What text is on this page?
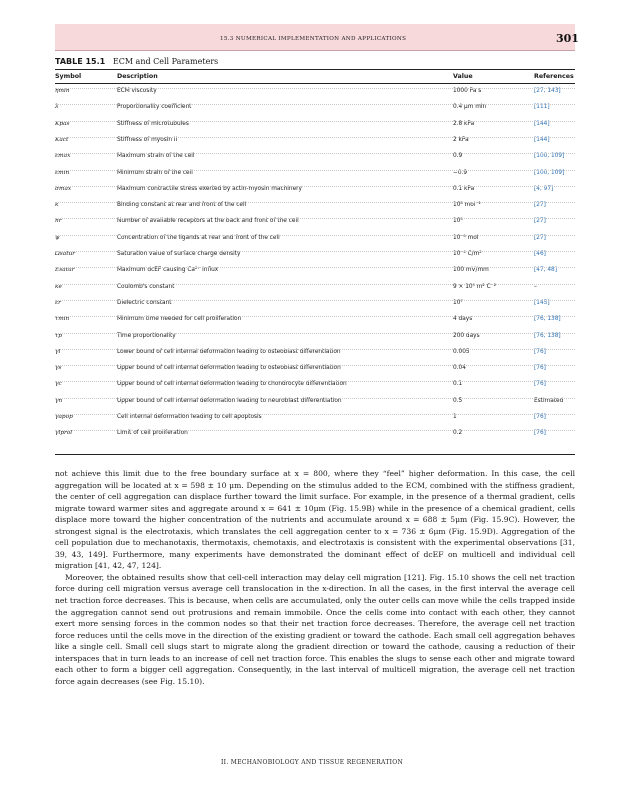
15.3 NUMERICAL IMPLEMENTATION AND APPLICATIONS	301
TABLE 15.1 ECM and Cell Parameters
Symbol	Description	Value	References
ηmin	ECM viscosity	1000 Pa s	[27, 143]
λ	Proportionality coefficient	0.4 μm min	[111]
Kpas	Stiffness of microtubules	2.8 kPa	[144]
Kact	Stiffness of myosin II	2 kPa	[144]
εmax	Maximum strain of the cell	0.9	[100, 109]
εmin	Minimum strain of the cell	−0.9	[100, 109]
σmax	Maximum contractile stress exerted by actin-myosin machinery	0.1 kPa	[4, 97]
k	Binding constant at rear and front of the cell	10⁸ mol⁻¹	[27]
nr	Number of available receptors at the back and front of the cell	10⁵	[27]
ψ	Concentration of the ligands at rear and front of the cell	10⁻⁶ mol	[27]
Ωsatur	Saturation value of surface charge density	10⁻⁴ C/m²	[46]
Esatur	Maximum dcEF causing Ca²⁺ influx	100 mV/mm	[47, 48]
ke	Coulomb's constant	9 × 10⁹ m² C⁻²	–
εr	Dielectric constant	10⁷	[145]
τmin	Minimum time needed for cell proliferation	4 days	[76, 138]
τp	Time proportionality	200 days	[76, 138]
γl	Lower bound of cell internal deformation leading to osteoblast differentiation	0.005	[76]
γs	Upper bound of cell internal deformation leading to osteoblast differentiation	0.04	[76]
γc	Upper bound of cell internal deformation leading to chondrocyte differentiation	0.1	[76]
γn	Upper bound of cell internal deformation leading to neuroblast differentiation	0.5	Estimated
γapop	Cell internal deformation leading to cell apoptosis	1	[76]
γlprol	Limit of cell proliferation	0.2	[76]

not achieve this limit due to the free boundary surface at x = 800, where they “feel” higher deformation. In this case, the cell aggregation will be located at x = 598 ± 10 μm. Depending on the stimulus added to the ECM, combined with the stiffness gradient, the center of cell aggregation can displace further toward the limit surface. For example, in the presence of a thermal gradient, cells migrate toward warmer sites and aggregate around x = 641 ± 10μm (Fig. 15.9B) while in the presence of a chemical gradient, cells displace more toward the higher concentration of the nutrients and accumulate around x = 688 ± 5μm (Fig. 15.9C). However, the strongest signal is the electrotaxis, which translates the cell aggregation center to x = 736 ± 6μm (Fig. 15.9D). Aggregation of the cell population due to mechanotaxis, thermotaxis, chemotaxis, and electrotaxis is consistent with the experimental observations [31, 39, 43, 149]. Furthermore, many experiments have demonstrated the dominant effect of dcEF on multicell and individual cell migration [41, 42, 47, 124].

Moreover, the obtained results show that cell-cell interaction may delay cell migration [121]. Fig. 15.10 shows the cell net traction force during cell migration versus average cell translocation in the x-direction. In all the cases, in the first interval the average cell net traction force decreases. This is because, when cells are accumulated, only the outer cells can move while the cells trapped inside the aggregation cannot send out protrusions and remain immobile. Once the cells come into contact with each other, they cannot exert more sensing forces in the common nodes so that their net traction force decreases. Therefore, the average cell net traction force reduces until the cells move in the direction of the existing gradient or toward the cathode. Each small cell aggregation behaves like a single cell. Small cell slugs start to migrate along the gradient direction or toward the cathode, causing a reduction of their interspaces that in turn leads to an increase of cell net traction force. This enables the slugs to sense each other and migrate toward each other to form a bigger cell aggregation. Consequently, in the last interval of multicell migration, the average cell net traction force again decreases (see Fig. 15.10).

II. MECHANOBIOLOGY AND TISSUE REGENERATION
